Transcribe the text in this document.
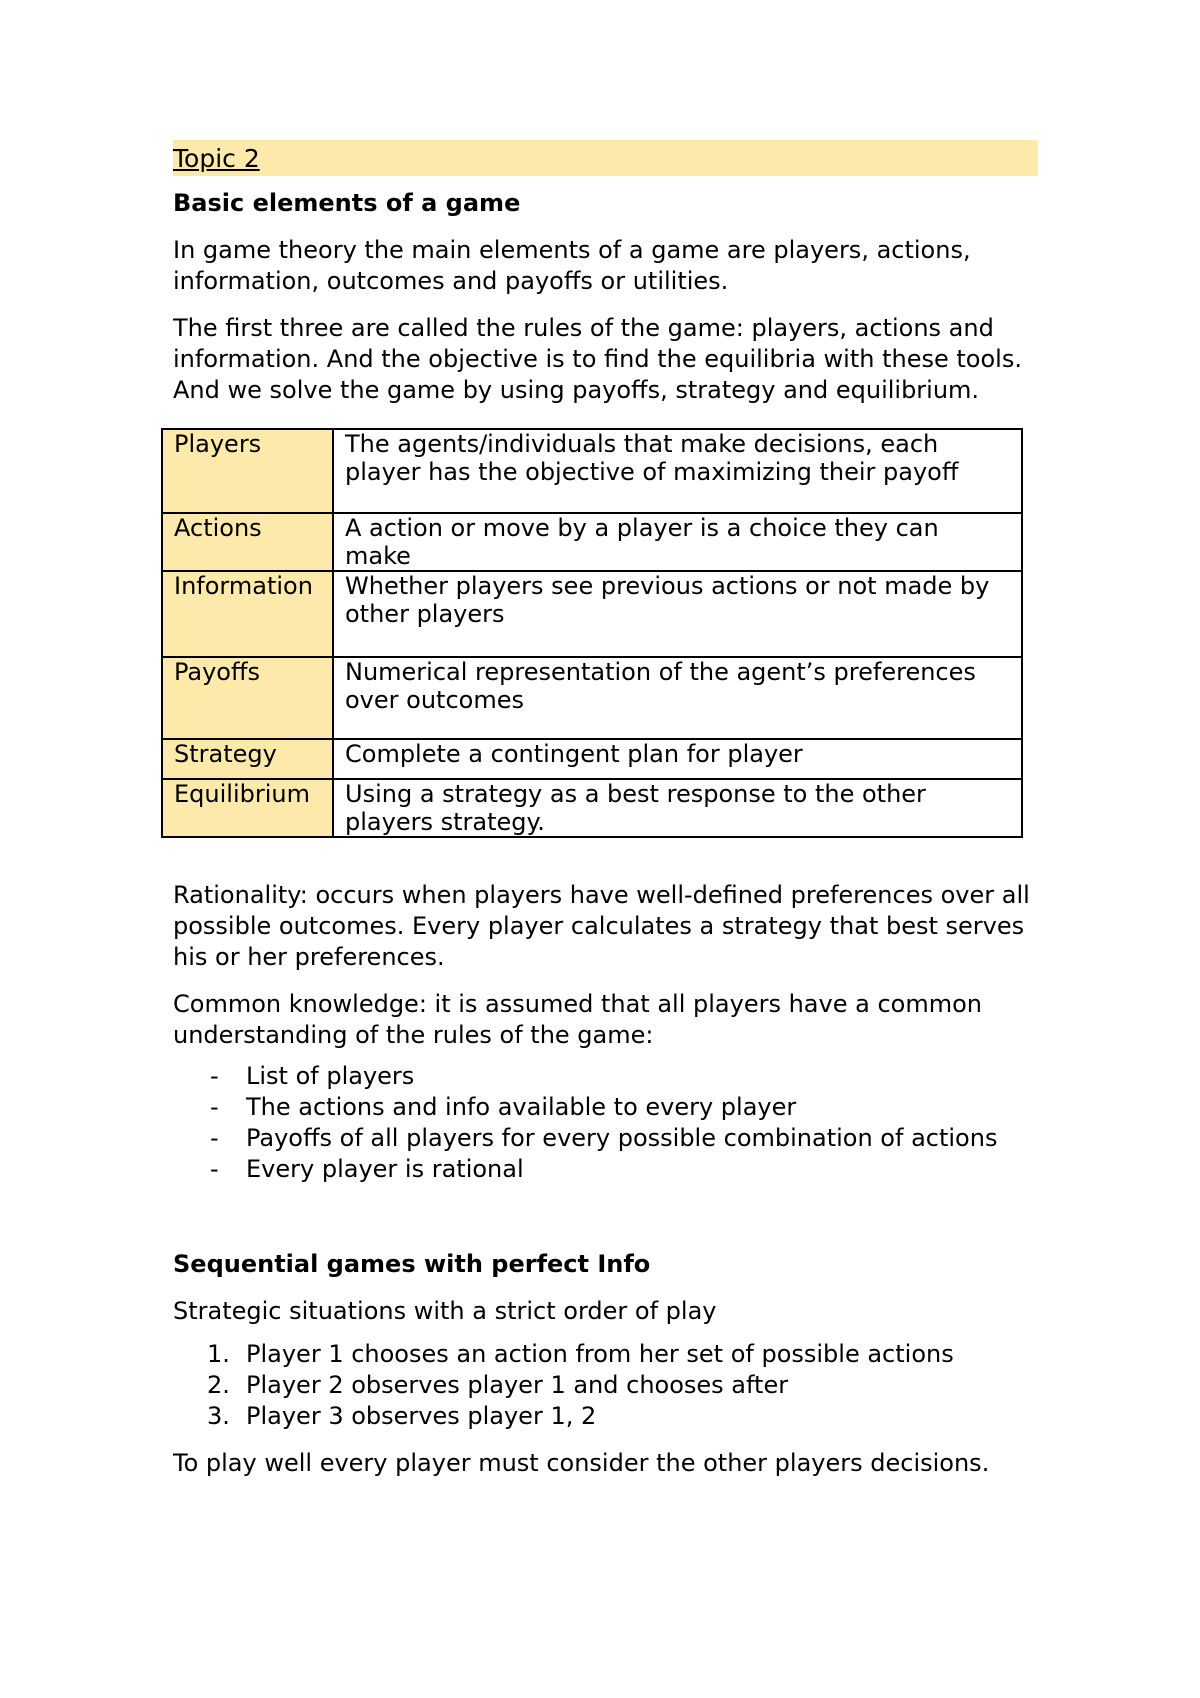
Topic 2
Basic elements of a game

In game theory the main elements of a game are players, actions, information, outcomes and payoffs or utilities.

The first three are called the rules of the game: players, actions and information. And the objective is to find the equilibria with these tools. And we solve the game by using payoffs, strategy and equilibrium.

Players	The agents/individuals that make decisions, each player has the objective of maximizing their payoff
Actions	A action or move by a player is a choice they can make
Information	Whether players see previous actions or not made by other players
Payoffs	Numerical representation of the agent’s preferences over outcomes
Strategy	Complete a contingent plan for player
Equilibrium	Using a strategy as a best response to the other players strategy.

Rationality: occurs when players have well-defined preferences over all possible outcomes. Every player calculates a strategy that best serves his or her preferences.

Common knowledge: it is assumed that all players have a common understanding of the rules of the game:

- List of players
- The actions and info available to every player
- Payoffs of all players for every possible combination of actions
- Every player is rational
Sequential games with perfect Info

Strategic situations with a strict order of play

1. Player 1 chooses an action from her set of possible actions
2. Player 2 observes player 1 and chooses after
3. Player 3 observes player 1, 2

To play well every player must consider the other players decisions.
